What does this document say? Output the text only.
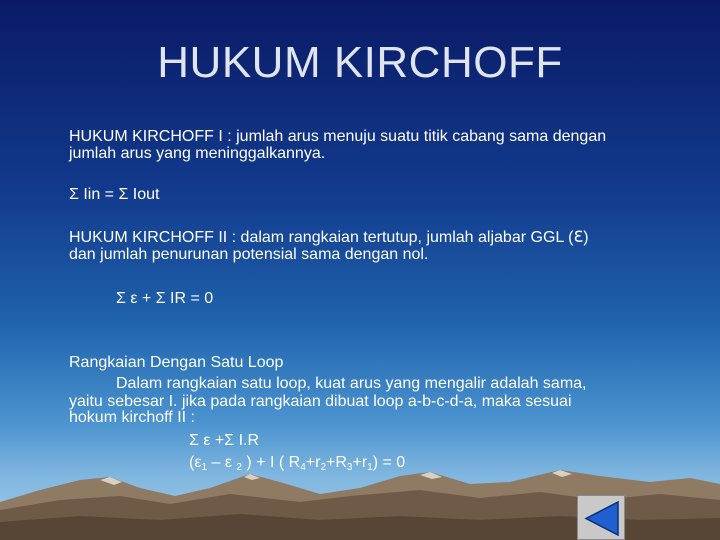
HUKUM KIRCHOFF
HUKUM KIRCHOFF I : jumlah arus menuju suatu titik cabang sama dengan
jumlah arus yang meninggalkannya.
Σ Iin = Σ Iout
HUKUM KIRCHOFF II : dalam rangkaian tertutup, jumlah aljabar GGL (ℇ)
dan jumlah penurunan potensial sama dengan nol.
Σ ε + Σ IR = 0
Rangkaian Dengan Satu Loop
Dalam rangkaian satu loop, kuat arus yang mengalir adalah sama,
yaitu sebesar I. jika pada rangkaian dibuat loop a-b-c-d-a, maka sesuai
hokum kirchoff II :
Σ ε +Σ I.R
($\varepsilon_1$ – ε $_2$ ) + I ( $R_4+r_2+R_3+r_1) = 0$
